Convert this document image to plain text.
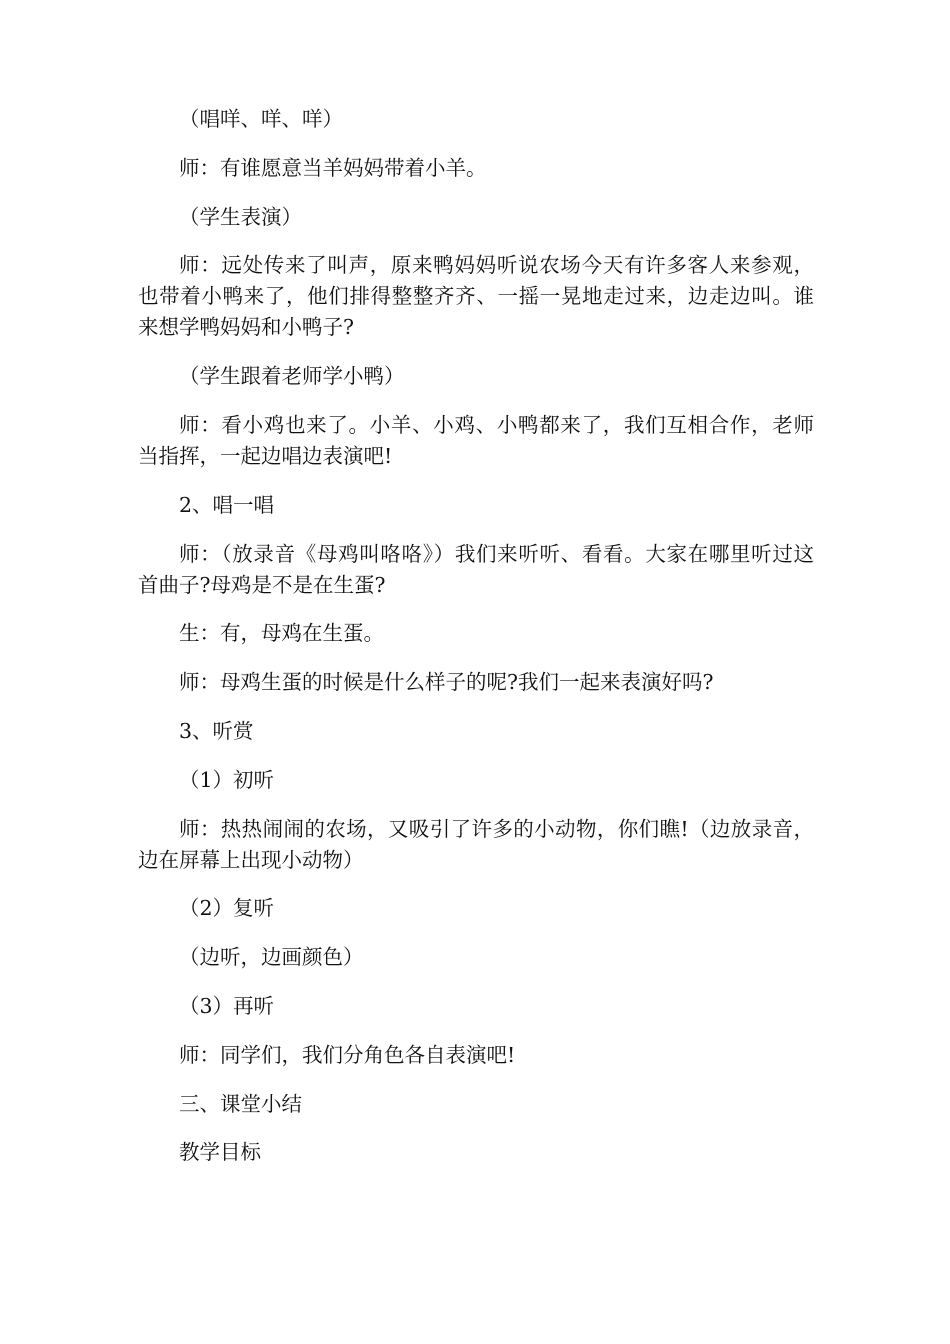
（唱咩、咩、咩）

师：有谁愿意当羊妈妈带着小羊。

（学生表演）

师：远处传来了叫声，原来鸭妈妈听说农场今天有许多客人来参观，也带着小鸭来了，他们排得整整齐齐、一摇一晃地走过来，边走边叫。谁来想学鸭妈妈和小鸭子?

（学生跟着老师学小鸭）

师：看小鸡也来了。小羊、小鸡、小鸭都来了，我们互相合作，老师当指挥，一起边唱边表演吧!

2、唱一唱

师：（放录音《母鸡叫咯咯》）我们来听听、看看。大家在哪里听过这首曲子?母鸡是不是在生蛋?

生：有，母鸡在生蛋。

师：母鸡生蛋的时候是什么样子的呢?我们一起来表演好吗?

3、听赏

（1）初听

师：热热闹闹的农场，又吸引了许多的小动物，你们瞧!（边放录音，边在屏幕上出现小动物）

（2）复听

（边听，边画颜色）

（3）再听

师：同学们，我们分角色各自表演吧!

三、课堂小结

教学目标
